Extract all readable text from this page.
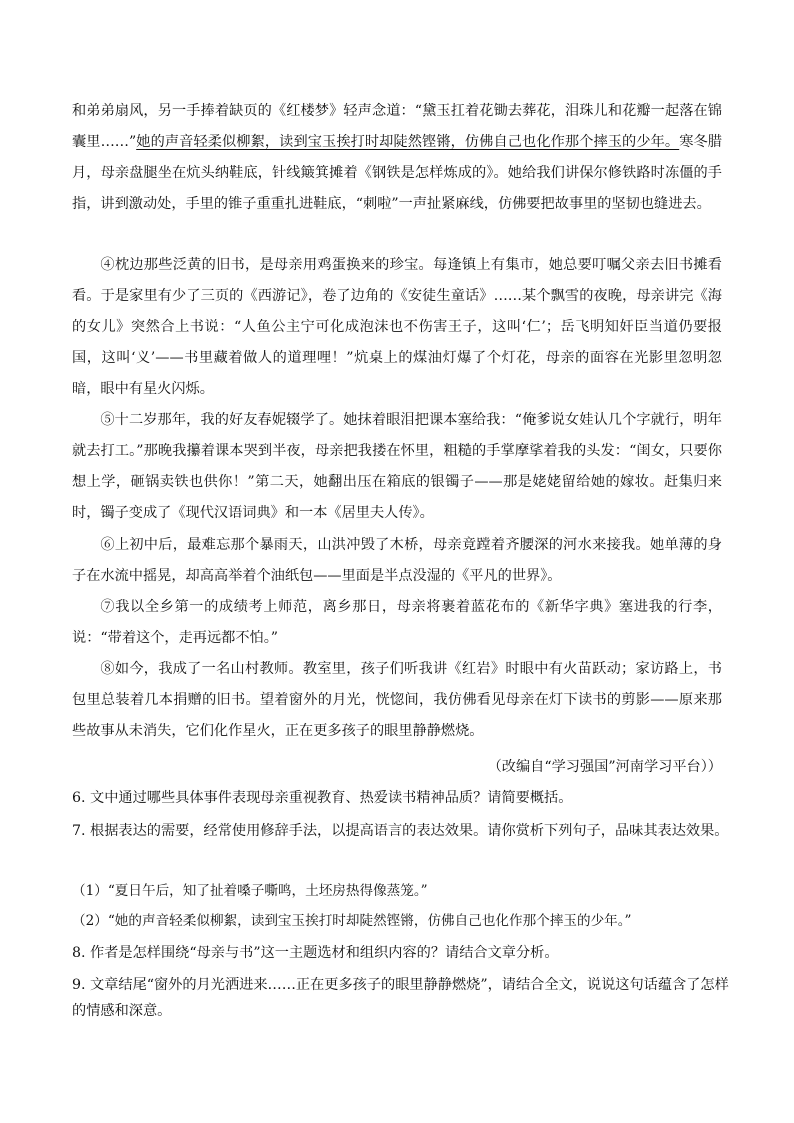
和弟弟扇风，另一手捧着缺页的《红楼梦》轻声念道：“黛玉扛着花锄去葬花，泪珠儿和花瓣一起落在锦囊里……”她的声音轻柔似柳絮，读到宝玉挨打时却陡然铿锵，仿佛自己也化作那个摔玉的少年。寒冬腊月，母亲盘腿坐在炕头纳鞋底，针线簸箕摊着《钢铁是怎样炼成的》。她给我们讲保尔修铁路时冻僵的手指，讲到激动处，手里的锥子重重扎进鞋底，“刺啦”一声扯紧麻线，仿佛要把故事里的坚韧也缝进去。

④枕边那些泛黄的旧书，是母亲用鸡蛋换来的珍宝。每逢镇上有集市，她总要叮嘱父亲去旧书摊看看。于是家里有少了三页的《西游记》，卷了边角的《安徒生童话》……某个飘雪的夜晚，母亲讲完《海的女儿》突然合上书说：“人鱼公主宁可化成泡沫也不伤害王子，这叫‘仁’；岳飞明知奸臣当道仍要报国，这叫‘义’——书里藏着做人的道理哩！”炕桌上的煤油灯爆了个灯花，母亲的面容在光影里忽明忽暗，眼中有星火闪烁。

⑤十二岁那年，我的好友春妮辍学了。她抹着眼泪把课本塞给我：“俺爹说女娃认几个字就行，明年就去打工。”那晚我攥着课本哭到半夜，母亲把我搂在怀里，粗糙的手掌摩挲着我的头发：“闺女，只要你想上学，砸锅卖铁也供你！”第二天，她翻出压在箱底的银镯子——那是姥姥留给她的嫁妆。赶集归来时，镯子变成了《现代汉语词典》和一本《居里夫人传》。

⑥上初中后，最难忘那个暴雨天，山洪冲毁了木桥，母亲竟蹚着齐腰深的河水来接我。她单薄的身子在水流中摇晃，却高高举着个油纸包——里面是半点没湿的《平凡的世界》。

⑦我以全乡第一的成绩考上师范，离乡那日，母亲将裹着蓝花布的《新华字典》塞进我的行李，说：“带着这个，走再远都不怕。”

⑧如今，我成了一名山村教师。教室里，孩子们听我讲《红岩》时眼中有火苗跃动；家访路上，书包里总装着几本捐赠的旧书。望着窗外的月光，恍惚间，我仿佛看见母亲在灯下读书的剪影——原来那些故事从未消失，它们化作星火，正在更多孩子的眼里静静燃烧。

（改编自“学习强国”河南学习平台））

6. 文中通过哪些具体事件表现母亲重视教育、热爱读书精神品质？请简要概括。

7. 根据表达的需要，经常使用修辞手法，以提高语言的表达效果。请你赏析下列句子，品味其表达效果。

（1）“夏日午后，知了扯着嗓子嘶鸣，土坯房热得像蒸笼。”

（2）“她的声音轻柔似柳絮，读到宝玉挨打时却陡然铿锵，仿佛自己也化作那个摔玉的少年。”

8. 作者是怎样围绕“母亲与书”这一主题选材和组织内容的？请结合文章分析。

9. 文章结尾“窗外的月光洒进来……正在更多孩子的眼里静静燃烧”，请结合全文，说说这句话蕴含了怎样的情感和深意。
